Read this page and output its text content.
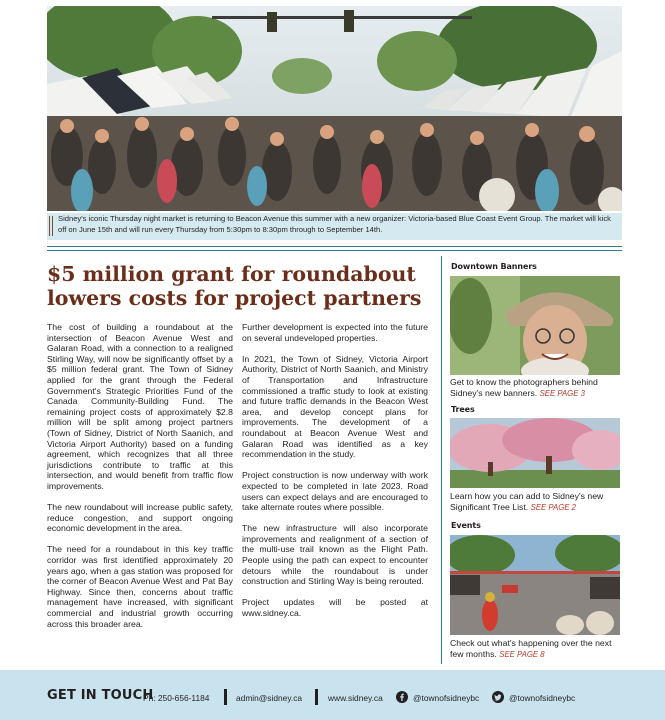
Sidney's iconic Thursday night market is returning to Beacon Avenue this summer with a new organizer: Victoria-based Blue Coast Event Group. The market will kick off on June 15th and will run every Thursday from 5:30pm to 8:30pm through to September 14th.
$5 million grant for roundabout lowers costs for project partners

The cost of building a roundabout at the intersection of Beacon Avenue West and Galaran Road, with a connection to a realigned Stirling Way, will now be significantly offset by a $5 million federal grant. The Town of Sidney applied for the grant through the Federal Government's Strategic Priorities Fund of the Canada Community-Building Fund. The remaining project costs of approximately $2.8 million will be split among project partners (Town of Sidney, District of North Saanich, and Victoria Airport Authority) based on a funding agreement, which recognizes that all three jurisdictions contribute to traffic at this intersection, and would benefit from traffic flow improvements.

The new roundabout will increase public safety, reduce congestion, and support ongoing economic development in the area.

The need for a roundabout in this key traffic corridor was first identified approximately 20 years ago, when a gas station was proposed for the corner of Beacon Avenue West and Pat Bay Highway. Since then, concerns about traffic management have increased, with significant commercial and industrial growth occurring across this broader area.

Further development is expected into the future on several undeveloped properties.

In 2021, the Town of Sidney, Victoria Airport Authority, District of North Saanich, and Ministry of Transportation and Infrastructure commissioned a traffic study to look at existing and future traffic demands in the Beacon West area, and develop concept plans for improvements. The development of a roundabout at Beacon Avenue West and Galaran Road was identified as a key recommendation in the study.

Project construction is now underway with work expected to be completed in late 2023. Road users can expect delays and are encouraged to take alternate routes where possible.

The new infrastructure will also incorporate improvements and realignment of a section of the multi-use trail known as the Flight Path. People using the path can expect to encounter detours while the roundabout is under construction and Stirling Way is being rerouted.

Project updates will be posted at www.sidney.ca.

Downtown Banners
Get to know the photographers behind Sidney's new banners. SEE PAGE 3
Trees
Learn how you can add to Sidney's new Significant Tree List. SEE PAGE 2
Events
Check out what's happening over the next few months. SEE PAGE 8
GET IN TOUCH
Ph: 250-656-1184	admin@sidney.ca	www.sidney.ca	@townofsidneybc	@townofsidneybc
